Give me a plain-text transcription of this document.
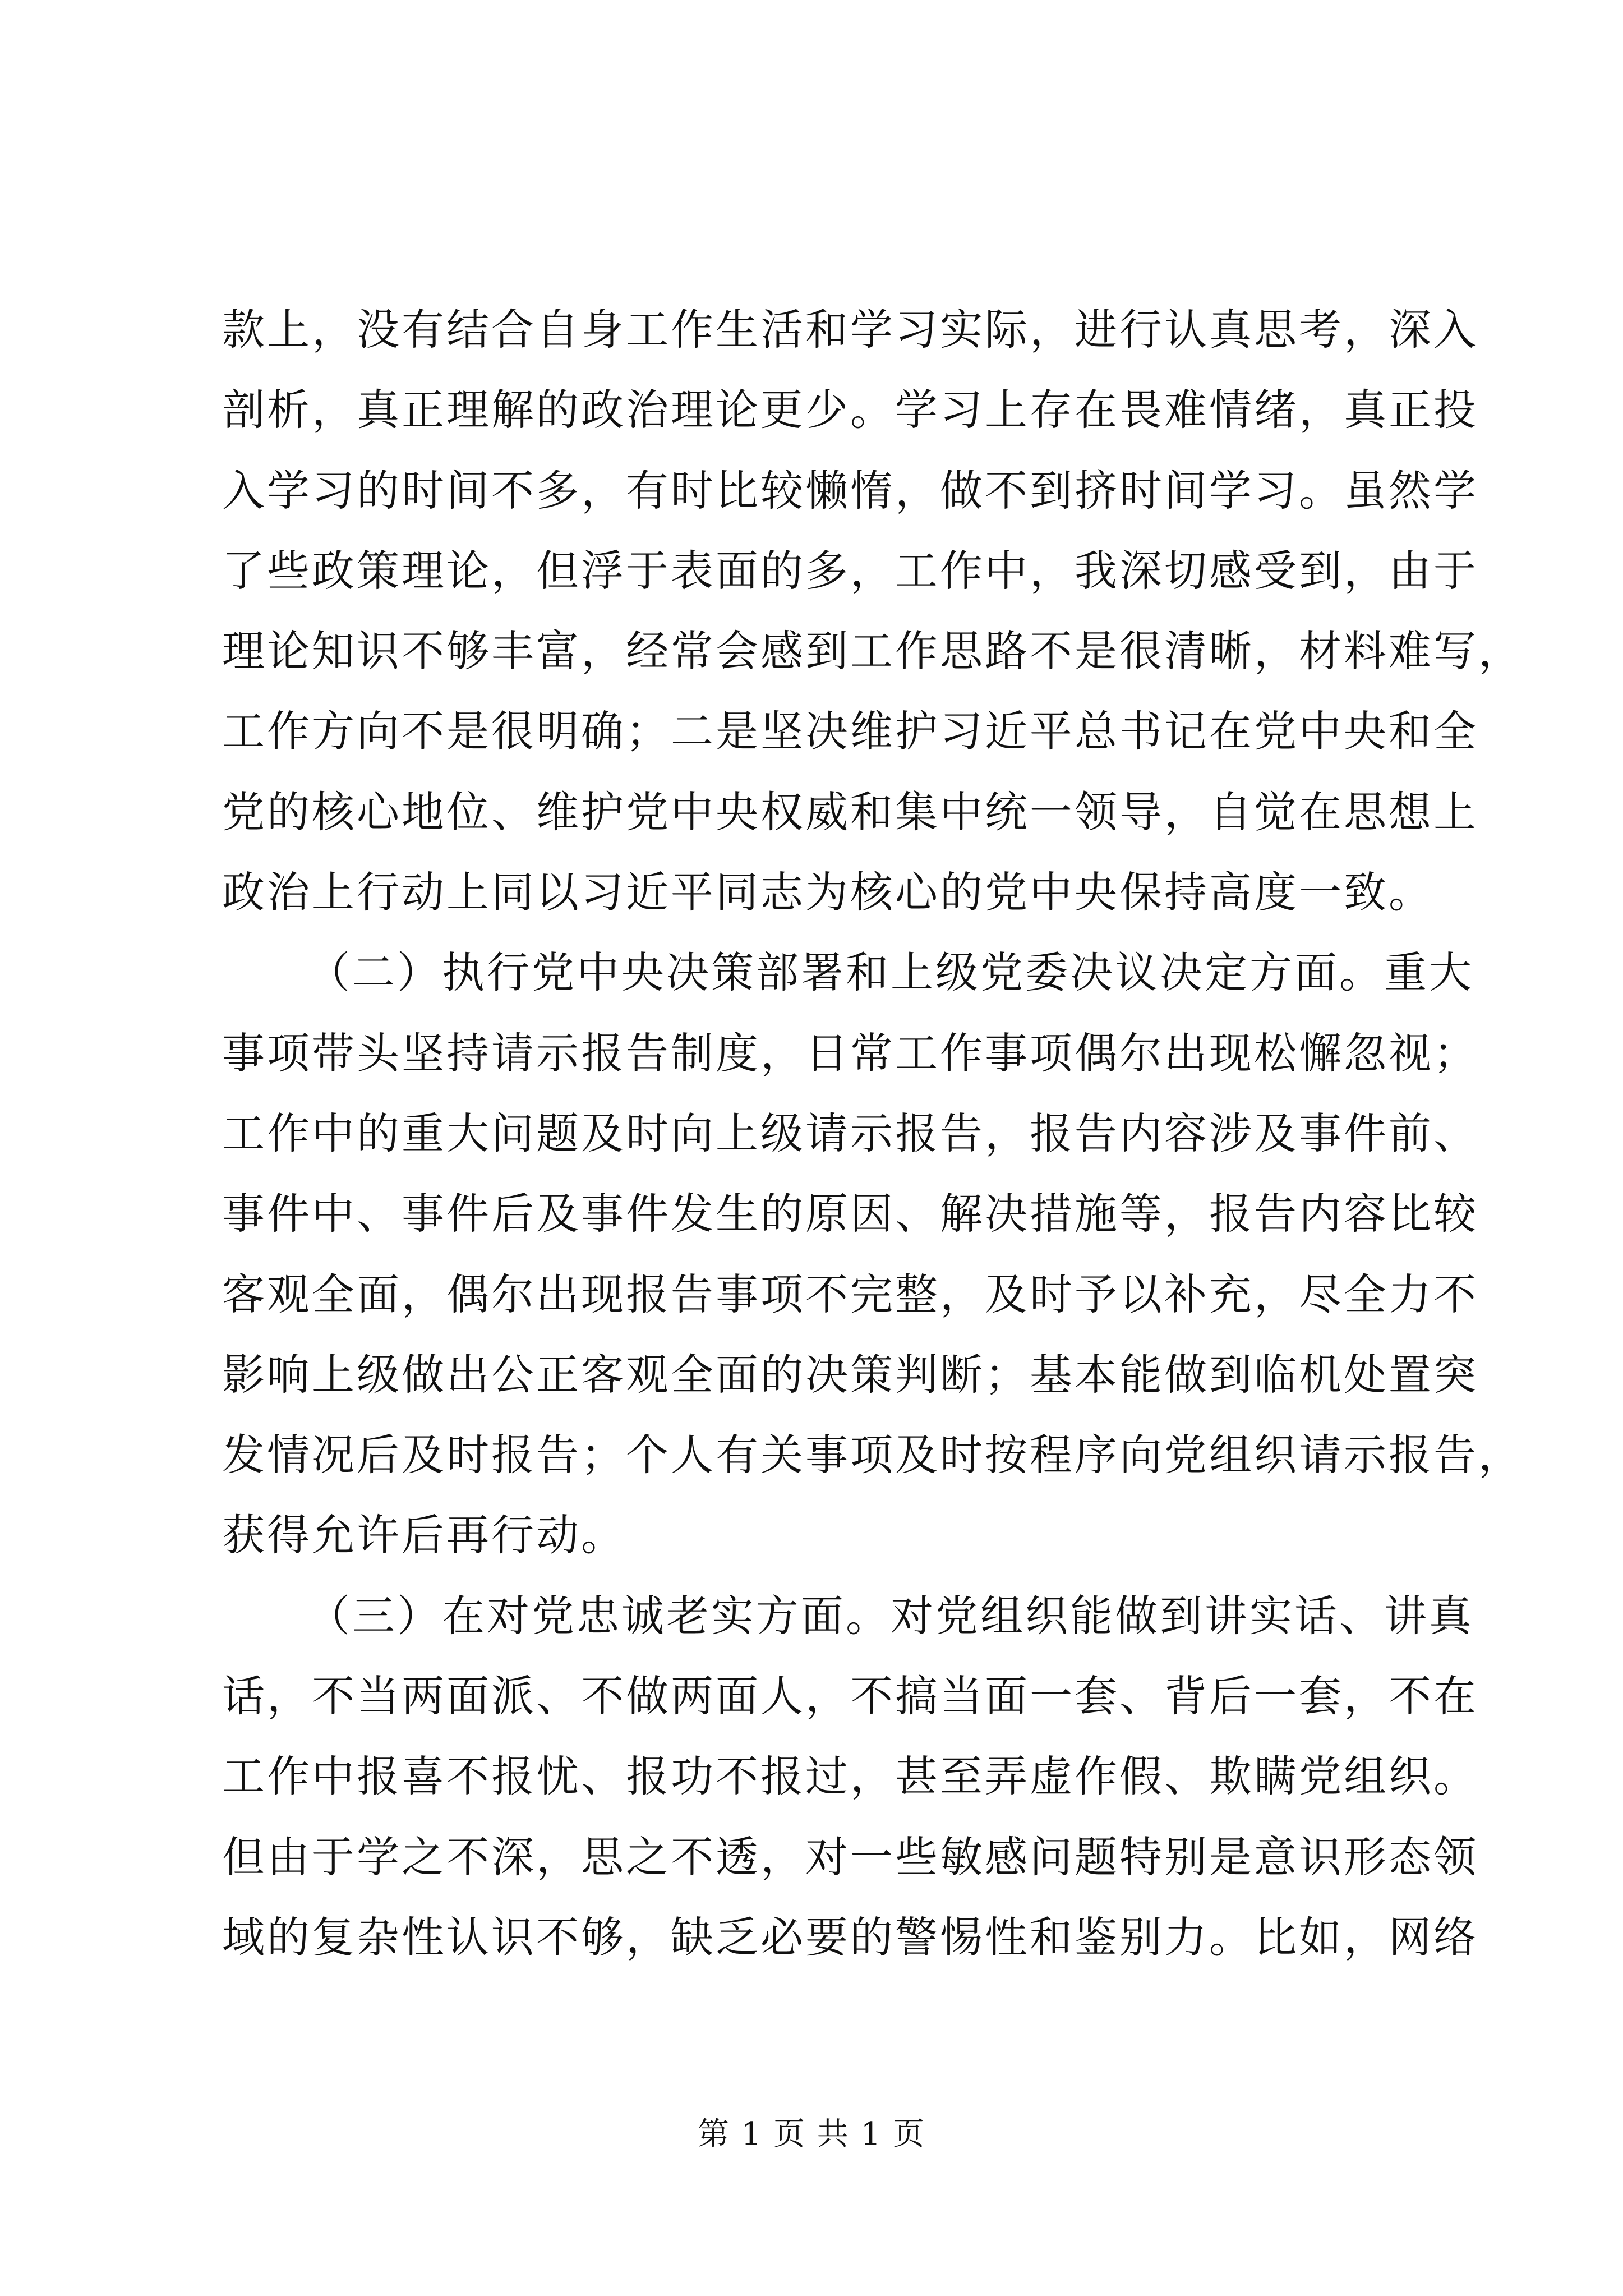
款上，没有结合自身工作生活和学习实际，进行认真思考，深入
剖析，真正理解的政治理论更少。学习上存在畏难情绪，真正投
入学习的时间不多，有时比较懒惰，做不到挤时间学习。虽然学
了些政策理论，但浮于表面的多，工作中，我深切感受到，由于
理论知识不够丰富，经常会感到工作思路不是很清晰，材料难写，
工作方向不是很明确；二是坚决维护习近平总书记在党中央和全
党的核心地位、维护党中央权威和集中统一领导，自觉在思想上
政治上行动上同以习近平同志为核心的党中央保持高度一致。
（二）执行党中央决策部署和上级党委决议决定方面。重大
事项带头坚持请示报告制度，日常工作事项偶尔出现松懈忽视；
工作中的重大问题及时向上级请示报告，报告内容涉及事件前、
事件中、事件后及事件发生的原因、解决措施等，报告内容比较
客观全面，偶尔出现报告事项不完整，及时予以补充，尽全力不
影响上级做出公正客观全面的决策判断；基本能做到临机处置突
发情况后及时报告；个人有关事项及时按程序向党组织请示报告，
获得允许后再行动。
（三）在对党忠诚老实方面。对党组织能做到讲实话、讲真
话，不当两面派、不做两面人，不搞当面一套、背后一套，不在
工作中报喜不报忧、报功不报过，甚至弄虚作假、欺瞒党组织。
但由于学之不深，思之不透，对一些敏感问题特别是意识形态领
域的复杂性认识不够，缺乏必要的警惕性和鉴别力。比如，网络
第 1 页 共 1 页
